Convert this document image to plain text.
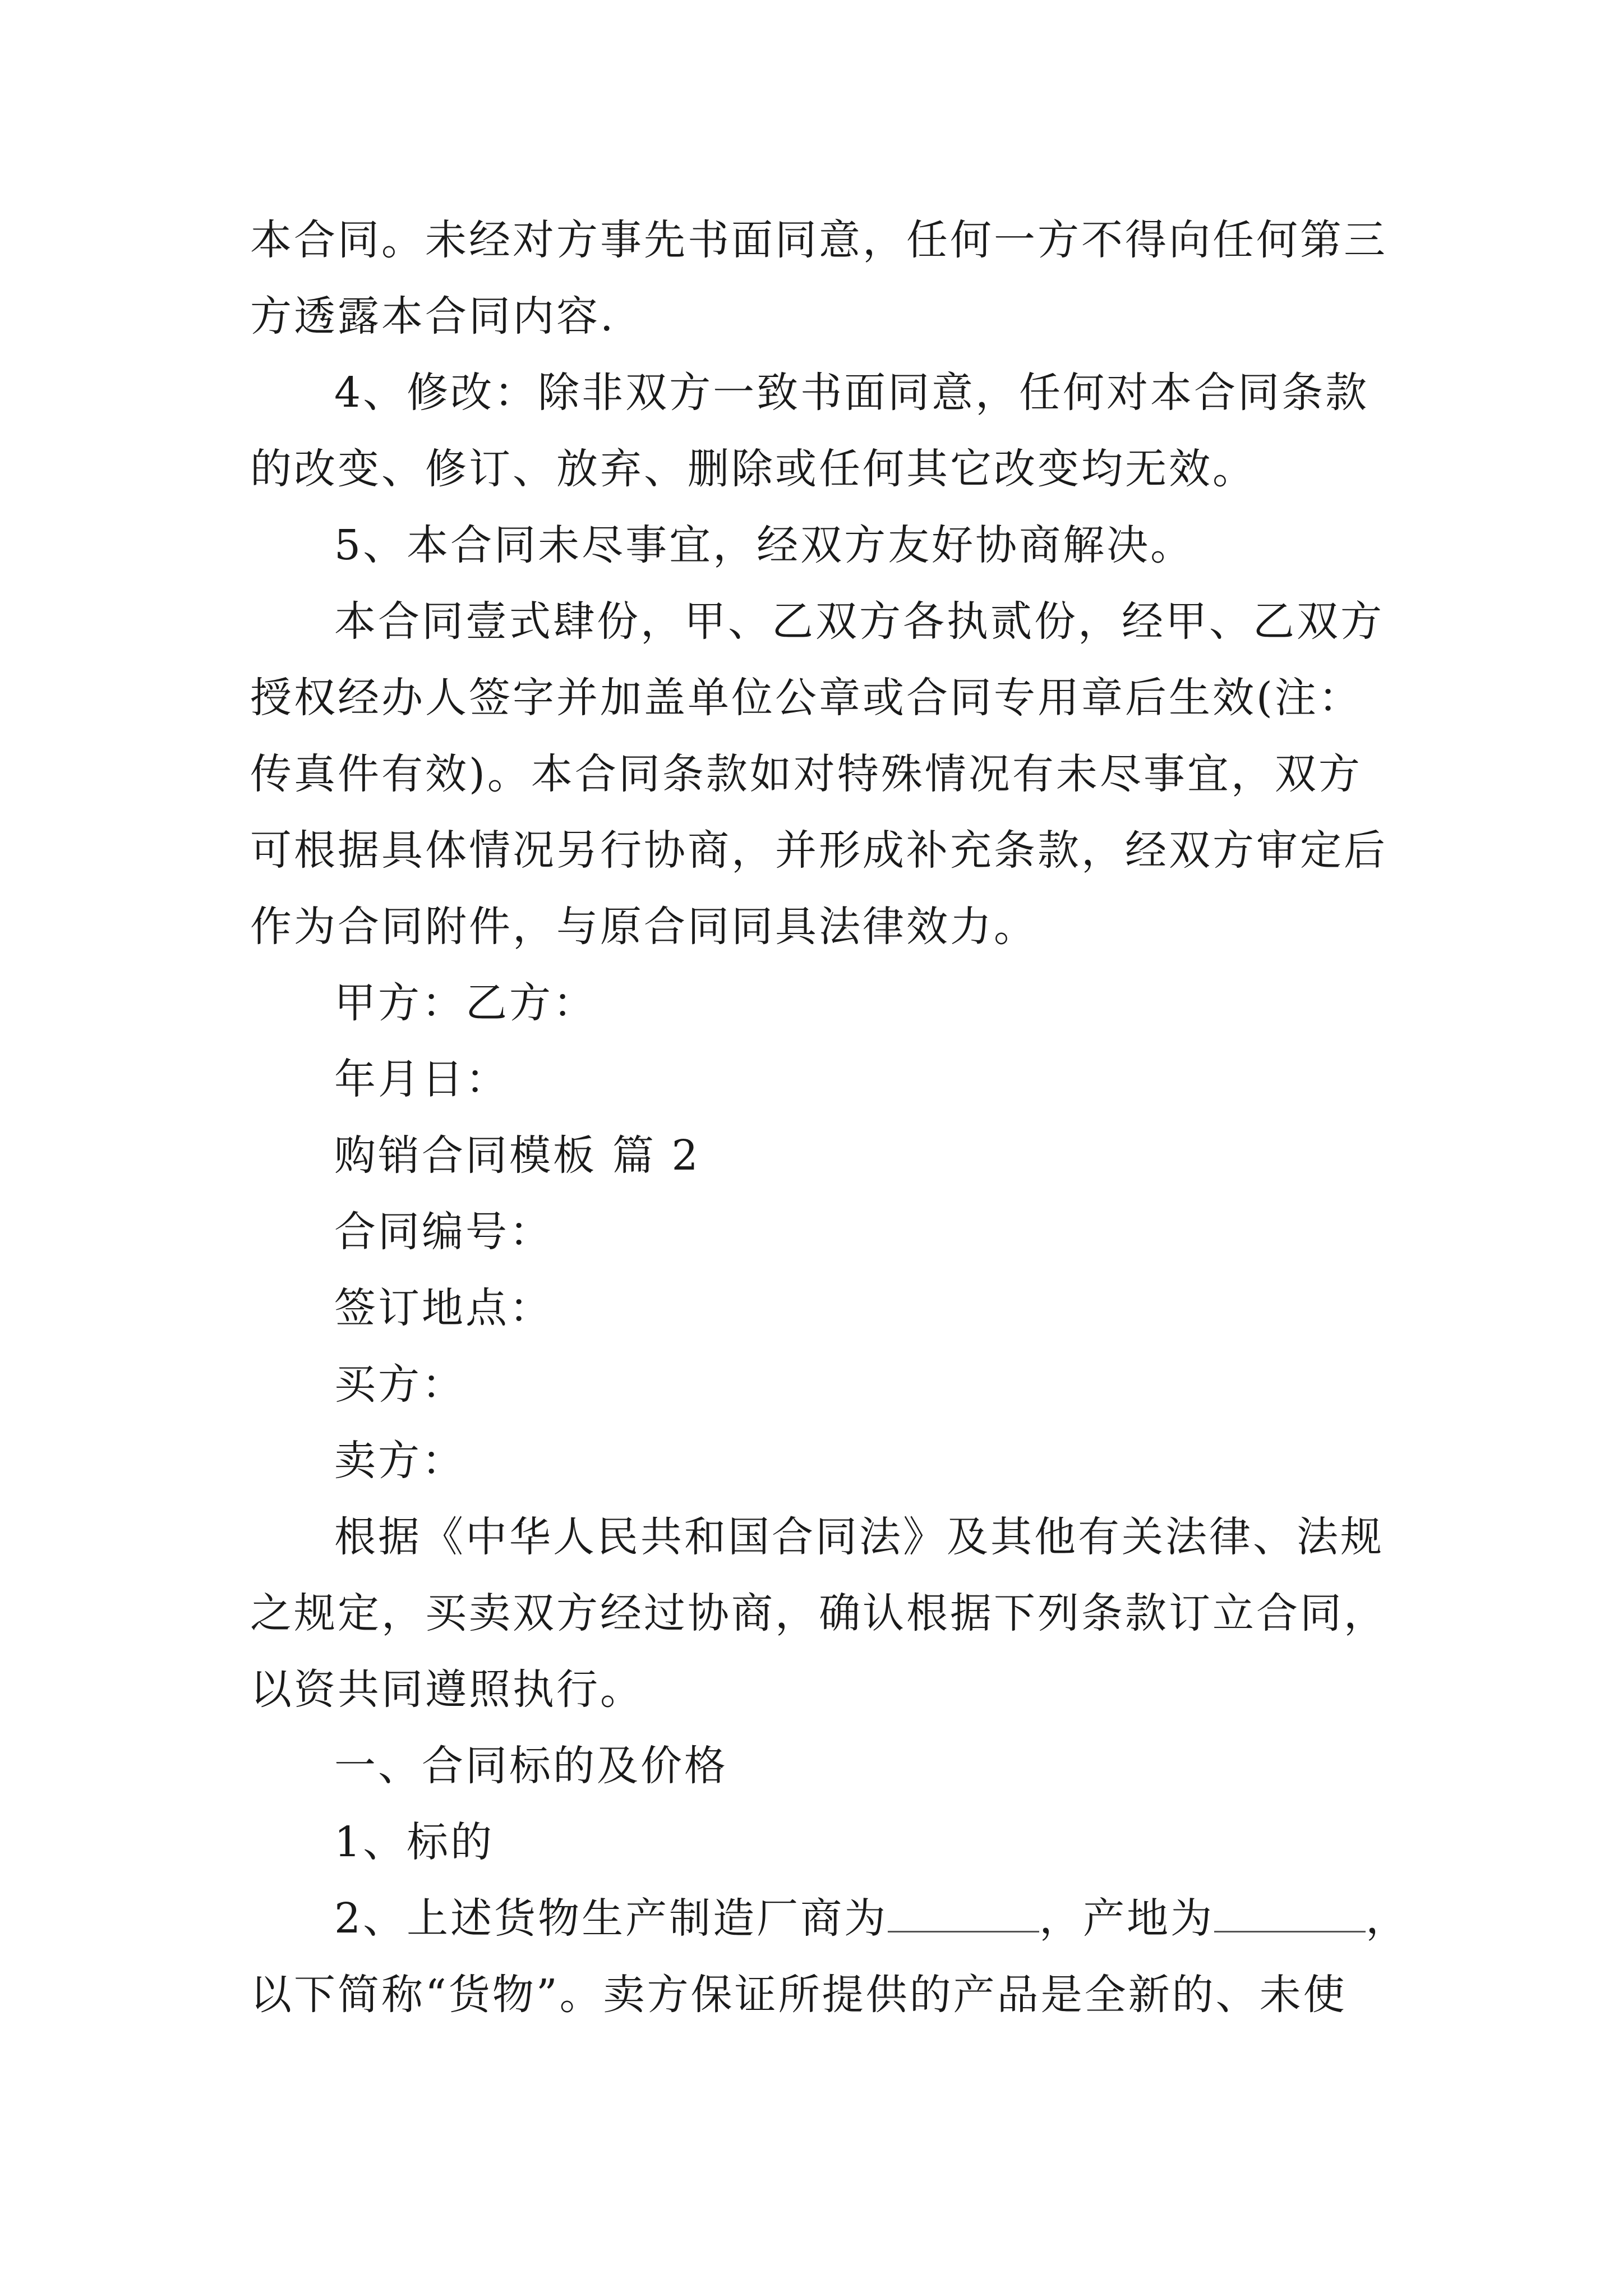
本合同。未经对方事先书面同意，任何一方不得向任何第三
方透露本合同内容.
4、修改：除非双方一致书面同意，任何对本合同条款
的改变、修订、放弃、删除或任何其它改变均无效。
5、本合同未尽事宜，经双方友好协商解决。
本合同壹式肆份，甲、乙双方各执贰份，经甲、乙双方
授权经办人签字并加盖单位公章或合同专用章后生效(注：
传真件有效)。本合同条款如对特殊情况有未尽事宜，双方
可根据具体情况另行协商，并形成补充条款，经双方审定后
作为合同附件，与原合同同具法律效力。
甲方：乙方：
年月日：
购销合同模板 篇 2
合同编号：
签订地点：
买方：
卖方：
根据《中华人民共和国合同法》及其他有关法律、法规
之规定，买卖双方经过协商，确认根据下列条款订立合同，
以资共同遵照执行。
一、合同标的及价格
1、标的
2、上述货物生产制造厂商为	，产地为	，
以下简称“货物”。卖方保证所提供的产品是全新的、未使
